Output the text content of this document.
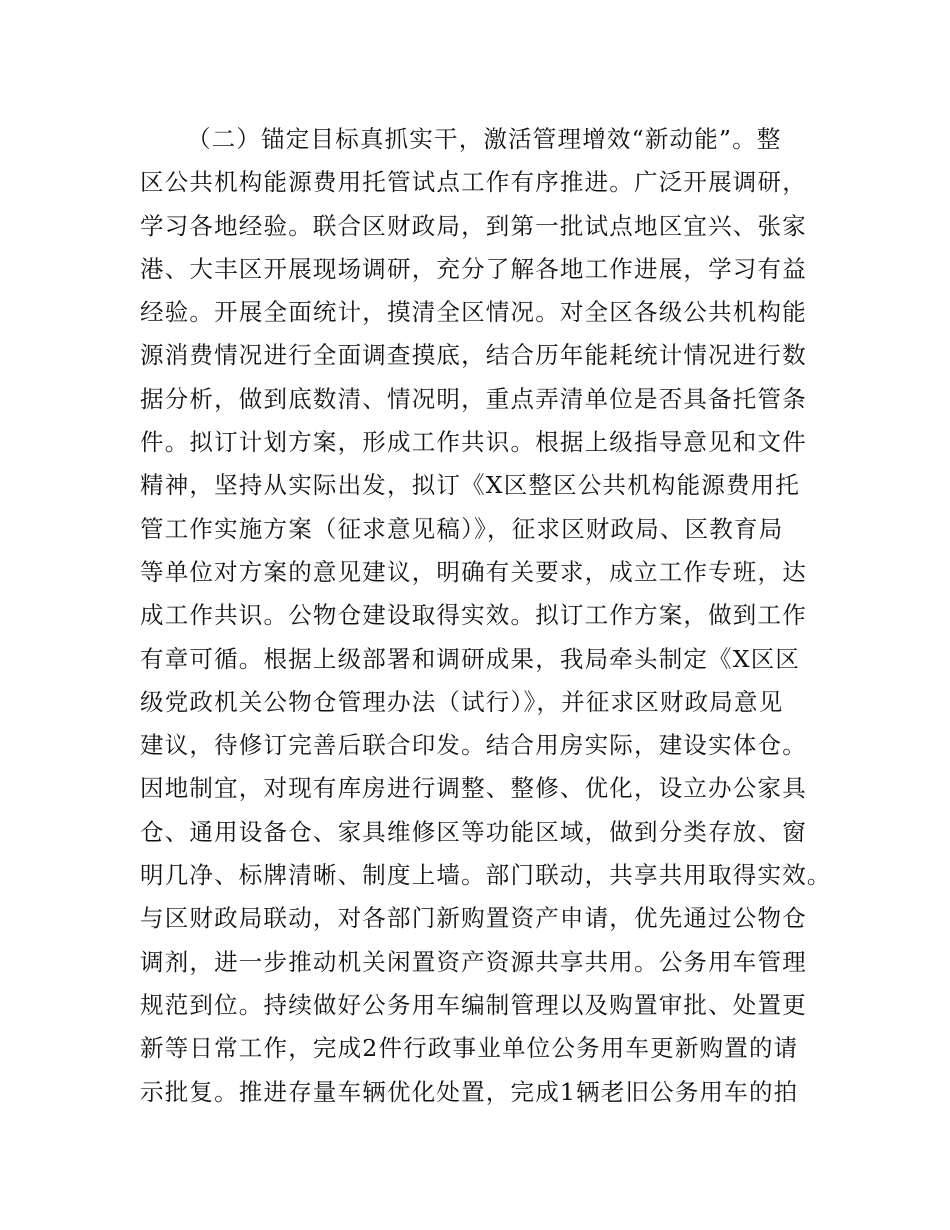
（二）锚定目标真抓实干，激活管理增效“新动能”。整
区公共机构能源费用托管试点工作有序推进。广泛开展调研，
学习各地经验。联合区财政局，到第一批试点地区宜兴、张家
港、大丰区开展现场调研，充分了解各地工作进展，学习有益
经验。开展全面统计，摸清全区情况。对全区各级公共机构能
源消费情况进行全面调查摸底，结合历年能耗统计情况进行数
据分析，做到底数清、情况明，重点弄清单位是否具备托管条
件。拟订计划方案，形成工作共识。根据上级指导意见和文件
精神，坚持从实际出发，拟订《X区整区公共机构能源费用托
管工作实施方案（征求意见稿）》，征求区财政局、区教育局
等单位对方案的意见建议，明确有关要求，成立工作专班，达
成工作共识。公物仓建设取得实效。拟订工作方案，做到工作
有章可循。根据上级部署和调研成果，我局牵头制定《X区区
级党政机关公物仓管理办法（试行）》，并征求区财政局意见
建议，待修订完善后联合印发。结合用房实际，建设实体仓。
因地制宜，对现有库房进行调整、整修、优化，设立办公家具
仓、通用设备仓、家具维修区等功能区域，做到分类存放、窗
明几净、标牌清晰、制度上墙。部门联动，共享共用取得实效。
与区财政局联动，对各部门新购置资产申请，优先通过公物仓
调剂，进一步推动机关闲置资产资源共享共用。公务用车管理
规范到位。持续做好公务用车编制管理以及购置审批、处置更
新等日常工作，完成2件行政事业单位公务用车更新购置的请
示批复。推进存量车辆优化处置，完成1辆老旧公务用车的拍
